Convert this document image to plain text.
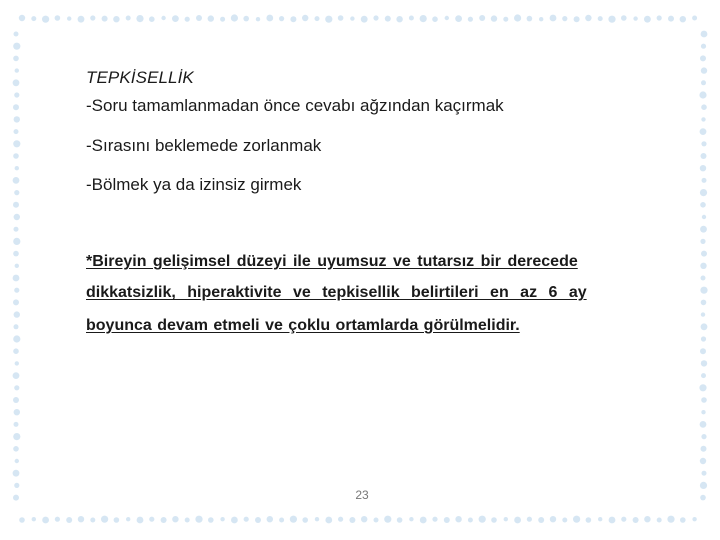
TEPKİSELLİK
-Soru tamamlanmadan önce cevabı ağzından kaçırmak
-Sırasını beklemede zorlanmak
-Bölmek ya da izinsiz girmek
*Bireyin gelişimsel düzeyi ile uyumsuz ve tutarsız bir derecede
dikkatsizlik, hiperaktivite ve tepkisellik belirtileri en az 6 ay
boyunca devam etmeli ve çoklu ortamlarda görülmelidir.
23
